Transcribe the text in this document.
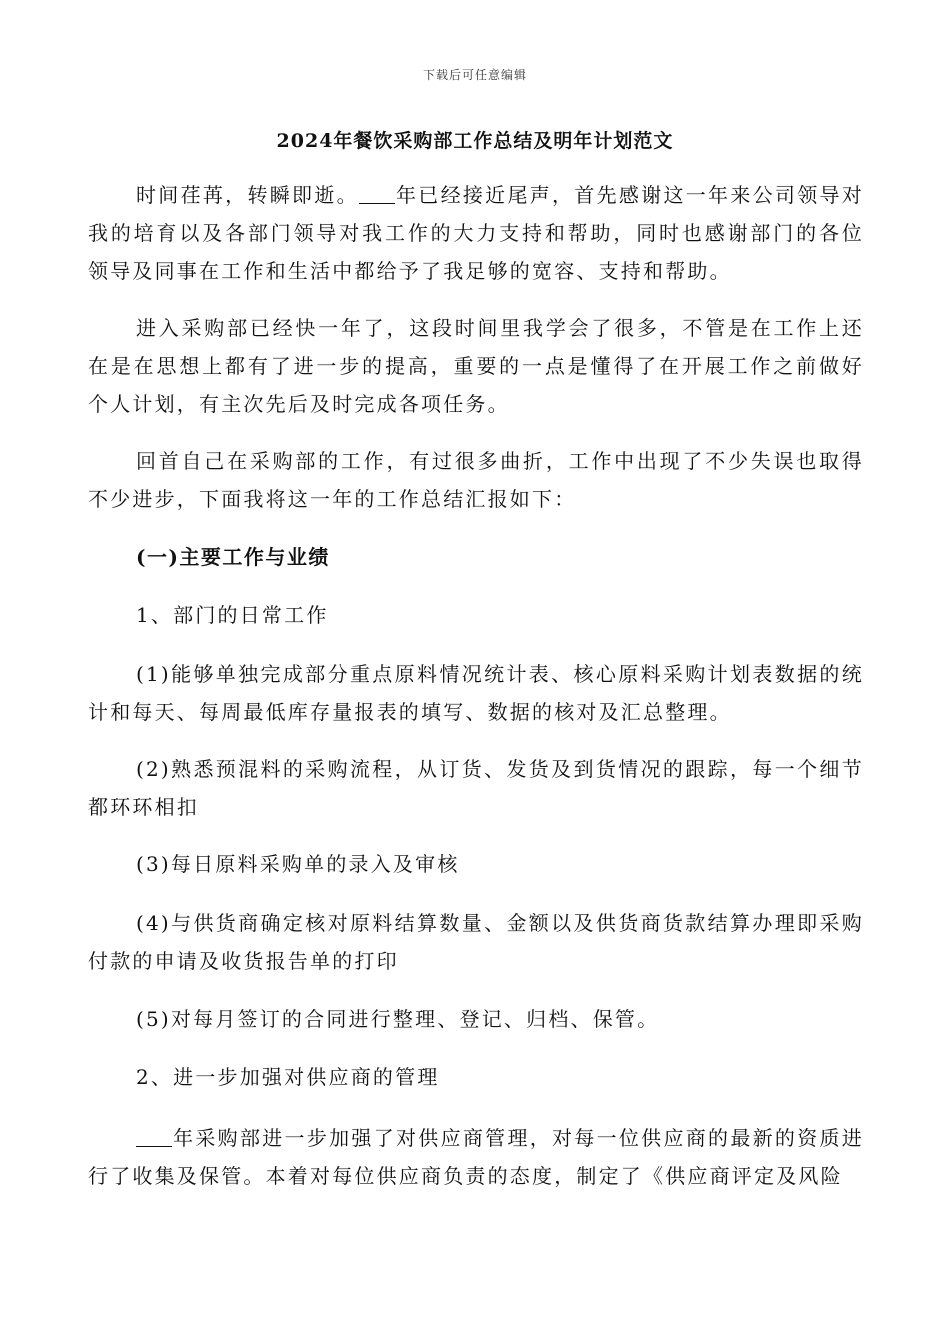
下载后可任意编辑
2024年餐饮采购部工作总结及明年计划范文

时间荏苒，转瞬即逝。 年已经接近尾声，首先感谢这一年来公司领导对我的培育以及各部门领导对我工作的大力支持和帮助，同时也感谢部门的各位领导及同事在工作和生活中都给予了我足够的宽容、支持和帮助。

进入采购部已经快一年了，这段时间里我学会了很多，不管是在工作上还在是在思想上都有了进一步的提高，重要的一点是懂得了在开展工作之前做好个人计划，有主次先后及时完成各项任务。

回首自己在采购部的工作，有过很多曲折，工作中出现了不少失误也取得不少进步，下面我将这一年的工作总结汇报如下：

(一)主要工作与业绩

1、部门的日常工作

(1)能够单独完成部分重点原料情况统计表、核心原料采购计划表数据的统计和每天、每周最低库存量报表的填写、数据的核对及汇总整理。

(2)熟悉预混料的采购流程，从订货、发货及到货情况的跟踪，每一个细节都环环相扣

(3)每日原料采购单的录入及审核

(4)与供货商确定核对原料结算数量、金额以及供货商货款结算办理即采购付款的申请及收货报告单的打印

(5)对每月签订的合同进行整理、登记、归档、保管。

2、进一步加强对供应商的管理

年采购部进一步加强了对供应商管理，对每一位供应商的最新的资质进行了收集及保管。本着对每位供应商负责的态度，制定了《供应商评定及风险
